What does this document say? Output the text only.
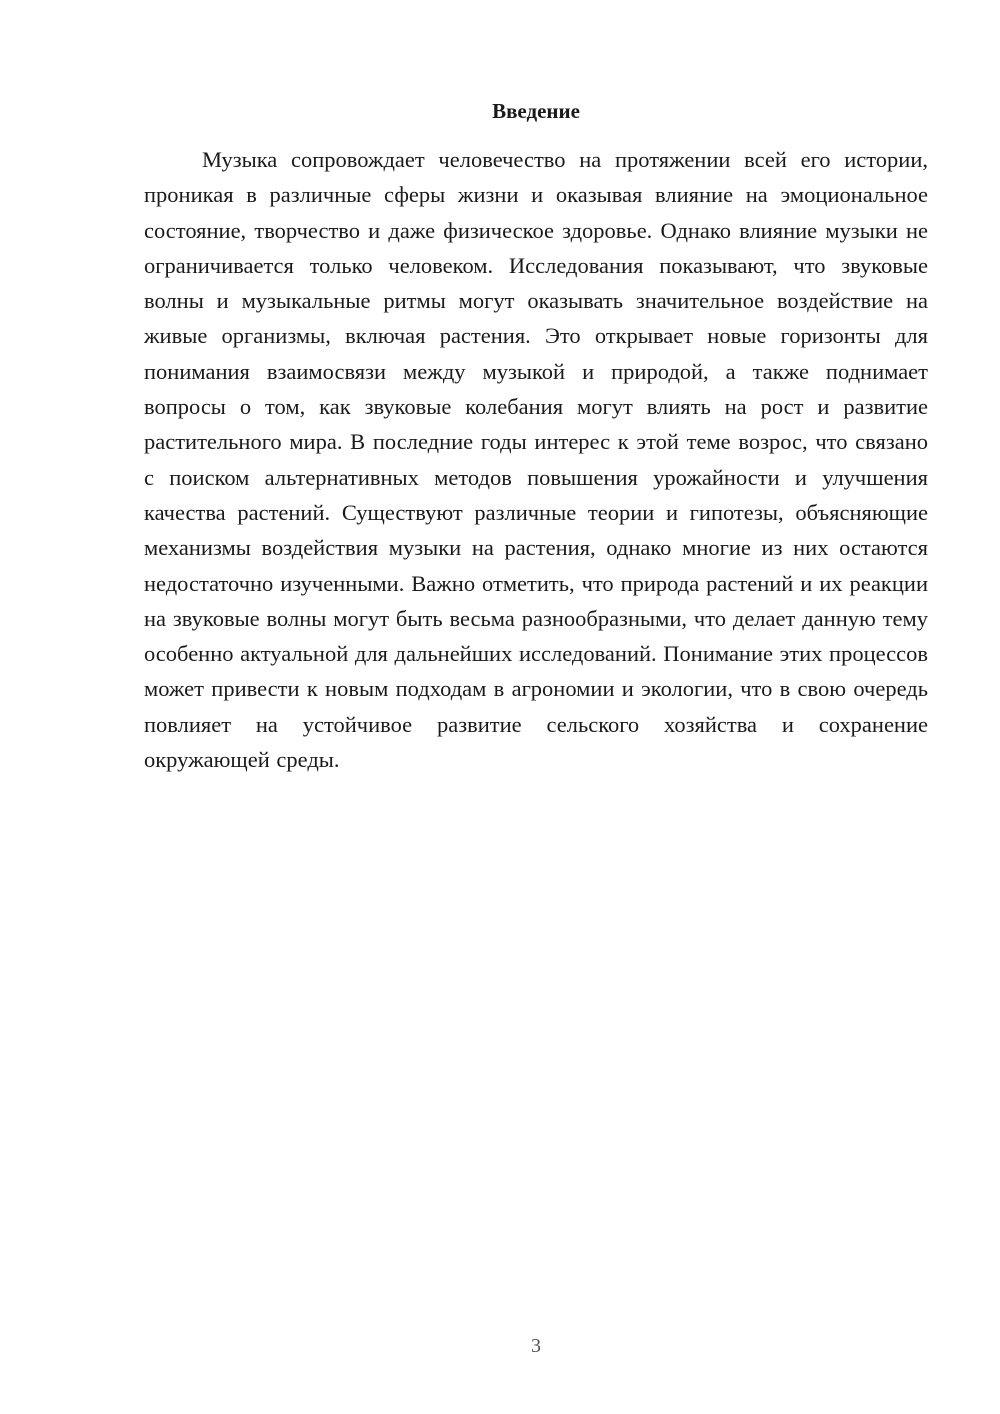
Введение

Музыка сопровождает человечество на протяжении всей его истории, проникая в различные сферы жизни и оказывая влияние на эмоциональное состояние, творчество и даже физическое здоровье. Однако влияние музыки не ограничивается только человеком. Исследования показывают, что звуковые волны и музыкальные ритмы могут оказывать значительное воздействие на живые организмы, включая растения. Это открывает новые горизонты для понимания взаимосвязи между музыкой и природой, а также поднимает вопросы о том, как звуковые колебания могут влиять на рост и развитие растительного мира. В последние годы интерес к этой теме возрос, что связано с поиском альтернативных методов повышения урожайности и улучшения качества растений. Существуют различные теории и гипотезы, объясняющие механизмы воздействия музыки на растения, однако многие из них остаются недостаточно изученными. Важно отметить, что природа растений и их реакции на звуковые волны могут быть весьма разнообразными, что делает данную тему особенно актуальной для дальнейших исследований. Понимание этих процессов может привести к новым подходам в агрономии и экологии, что в свою очередь повлияет на устойчивое развитие сельского хозяйства и сохранение окружающей среды.

3
